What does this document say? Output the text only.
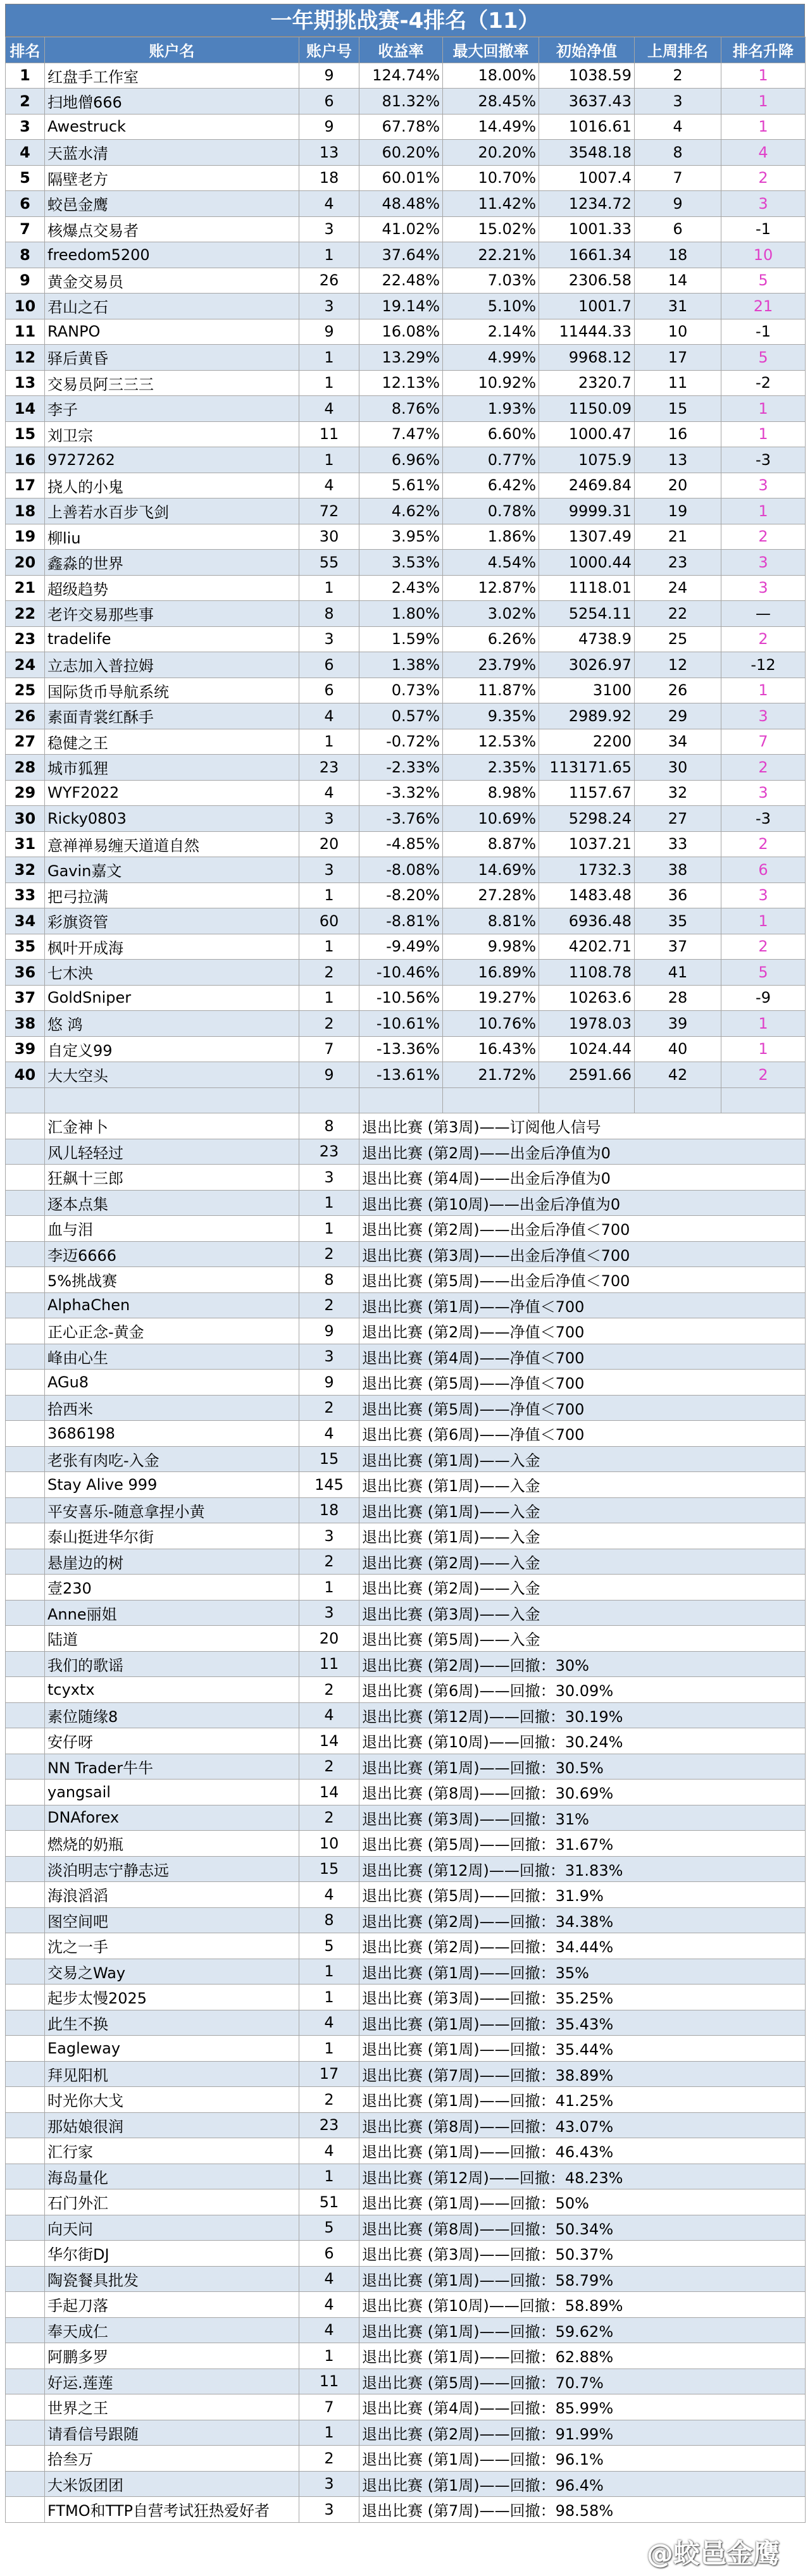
一年期挑战赛-4排名（11）
排名	账户名	账户号	收益率	最大回撤率	初始净值	上周排名	排名升降
1	红盘手工作室	9	124.74%	18.00%	1038.59	2	1
2	扫地僧666	6	81.32%	28.45%	3637.43	3	1
3	Awestruck	9	67.78%	14.49%	1016.61	4	1
4	天蓝水清	13	60.20%	20.20%	3548.18	8	4
5	隔壁老方	18	60.01%	10.70%	1007.4	7	2
6	蛟邑金鹰	4	48.48%	11.42%	1234.72	9	3
7	核爆点交易者	3	41.02%	15.02%	1001.33	6	-1
8	freedom5200	1	37.64%	22.21%	1661.34	18	10
9	黄金交易员	26	22.48%	7.03%	2306.58	14	5
10	君山之石	3	19.14%	5.10%	1001.7	31	21
11	RANPO	9	16.08%	2.14%	11444.33	10	-1
12	驿后黄昏	1	13.29%	4.99%	9968.12	17	5
13	交易员阿三三三	1	12.13%	10.92%	2320.7	11	-2
14	李子	4	8.76%	1.93%	1150.09	15	1
15	刘卫宗	11	7.47%	6.60%	1000.47	16	1
16	9727262	1	6.96%	0.77%	1075.9	13	-3
17	挠人的小鬼	4	5.61%	6.42%	2469.84	20	3
18	上善若水百步飞剑	72	4.62%	0.78%	9999.31	19	1
19	柳liu	30	3.95%	1.86%	1307.49	21	2
20	鑫淼的世界	55	3.53%	4.54%	1000.44	23	3
21	超级趋势	1	2.43%	12.87%	1118.01	24	3
22	老许交易那些事	8	1.80%	3.02%	5254.11	22	—
23	tradelife	3	1.59%	6.26%	4738.9	25	2
24	立志加入普拉姆	6	1.38%	23.79%	3026.97	12	-12
25	国际货币导航系统	6	0.73%	11.87%	3100	26	1
26	素面青裳红酥手	4	0.57%	9.35%	2989.92	29	3
27	稳健之王	1	-0.72%	12.53%	2200	34	7
28	城市狐狸	23	-2.33%	2.35%	113171.65	30	2
29	WYF2022	4	-3.32%	8.98%	1157.67	32	3
30	Ricky0803	3	-3.76%	10.69%	5298.24	27	-3
31	意禅禅易缠天道道自然	20	-4.85%	8.87%	1037.21	33	2
32	Gavin嘉文	3	-8.08%	14.69%	1732.3	38	6
33	把弓拉满	1	-8.20%	27.28%	1483.48	36	3
34	彩旗资管	60	-8.81%	8.81%	6936.48	35	1
35	枫叶开成海	1	-9.49%	9.98%	4202.71	37	2
36	七木泱	2	-10.46%	16.89%	1108.78	41	5
37	GoldSniper	1	-10.56%	19.27%	10263.6	28	-9
38	悠 鸿	2	-10.61%	10.76%	1978.03	39	1
39	自定义99	7	-13.36%	16.43%	1024.44	40	1
40	大大空头	9	-13.61%	21.72%	2591.66	42	2

	汇金神卜	8	退出比赛 (第3周)——订阅他人信号				
	风儿轻轻过	23	退出比赛 (第2周)——出金后净值为0				
	狂飙十三郎	3	退出比赛 (第4周)——出金后净值为0				
	逐本点集	1	退出比赛 (第10周)——出金后净值为0				
	血与泪	1	退出比赛 (第2周)——出金后净值＜700				
	李迈6666	2	退出比赛 (第3周)——出金后净值＜700				
	5%挑战赛	8	退出比赛 (第5周)——出金后净值＜700				
	AlphaChen	2	退出比赛 (第1周)——净值＜700				
	正心正念-黄金	9	退出比赛 (第2周)——净值＜700				
	峰由心生	3	退出比赛 (第4周)——净值＜700				
	AGu8	9	退出比赛 (第5周)——净值＜700				
	拾西米	2	退出比赛 (第5周)——净值＜700				
	3686198	4	退出比赛 (第6周)——净值＜700				
	老张有肉吃-入金	15	退出比赛 (第1周)——入金				
	Stay Alive 999	145	退出比赛 (第1周)——入金				
	平安喜乐-随意拿捏小黄	18	退出比赛 (第1周)——入金				
	泰山挺进华尔街	3	退出比赛 (第1周)——入金				
	悬崖边的树	2	退出比赛 (第2周)——入金				
	壹230	1	退出比赛 (第2周)——入金				
	Anne丽姐	3	退出比赛 (第3周)——入金				
	陆道	20	退出比赛 (第5周)——入金				
	我们的歌谣	11	退出比赛 (第2周)——回撤：30%				
	tcyxtx	2	退出比赛 (第6周)——回撤：30.09%				
	素位随缘8	4	退出比赛 (第12周)——回撤：30.19%				
	安仔呀	14	退出比赛 (第10周)——回撤：30.24%				
	NN Trader牛牛	2	退出比赛 (第1周)——回撤：30.5%				
	yangsail	14	退出比赛 (第8周)——回撤：30.69%				
	DNAforex	2	退出比赛 (第3周)——回撤：31%				
	燃烧的奶瓶	10	退出比赛 (第5周)——回撤：31.67%				
	淡泊明志宁静志远	15	退出比赛 (第12周)——回撤：31.83%				
	海浪滔滔	4	退出比赛 (第5周)——回撤：31.9%				
	图空间吧	8	退出比赛 (第2周)——回撤：34.38%				
	沈之一手	5	退出比赛 (第2周)——回撤：34.44%				
	交易之Way	1	退出比赛 (第1周)——回撤：35%				
	起步太慢2025	1	退出比赛 (第3周)——回撤：35.25%				
	此生不换	4	退出比赛 (第1周)——回撤：35.43%				
	Eagleway	1	退出比赛 (第1周)——回撤：35.44%				
	拜见阳机	17	退出比赛 (第7周)——回撤：38.89%				
	时光你大戈	2	退出比赛 (第1周)——回撤：41.25%				
	那姑娘很润	23	退出比赛 (第8周)——回撤：43.07%				
	汇行家	4	退出比赛 (第1周)——回撤：46.43%				
	海岛量化	1	退出比赛 (第12周)——回撤：48.23%				
	石门外汇	51	退出比赛 (第1周)——回撤：50%				
	向天问	5	退出比赛 (第8周)——回撤：50.34%				
	华尔街DJ	6	退出比赛 (第3周)——回撤：50.37%				
	陶瓷餐具批发	4	退出比赛 (第1周)——回撤：58.79%				
	手起刀落	4	退出比赛 (第10周)——回撤：58.89%				
	奉天成仁	4	退出比赛 (第1周)——回撤：59.62%				
	阿鹏多罗	1	退出比赛 (第1周)——回撤：62.88%				
	好运.莲莲	11	退出比赛 (第5周)——回撤：70.7%				
	世界之王	7	退出比赛 (第4周)——回撤：85.99%				
	请看信号跟随	1	退出比赛 (第2周)——回撤：91.99%				
	拾叁万	2	退出比赛 (第1周)——回撤：96.1%				
	大米饭团团	3	退出比赛 (第1周)——回撤：96.4%				
	FTMO和TTP自营考试狂热爱好者	3	退出比赛 (第7周)——回撤：98.58%				
@蛟邑金鹰
